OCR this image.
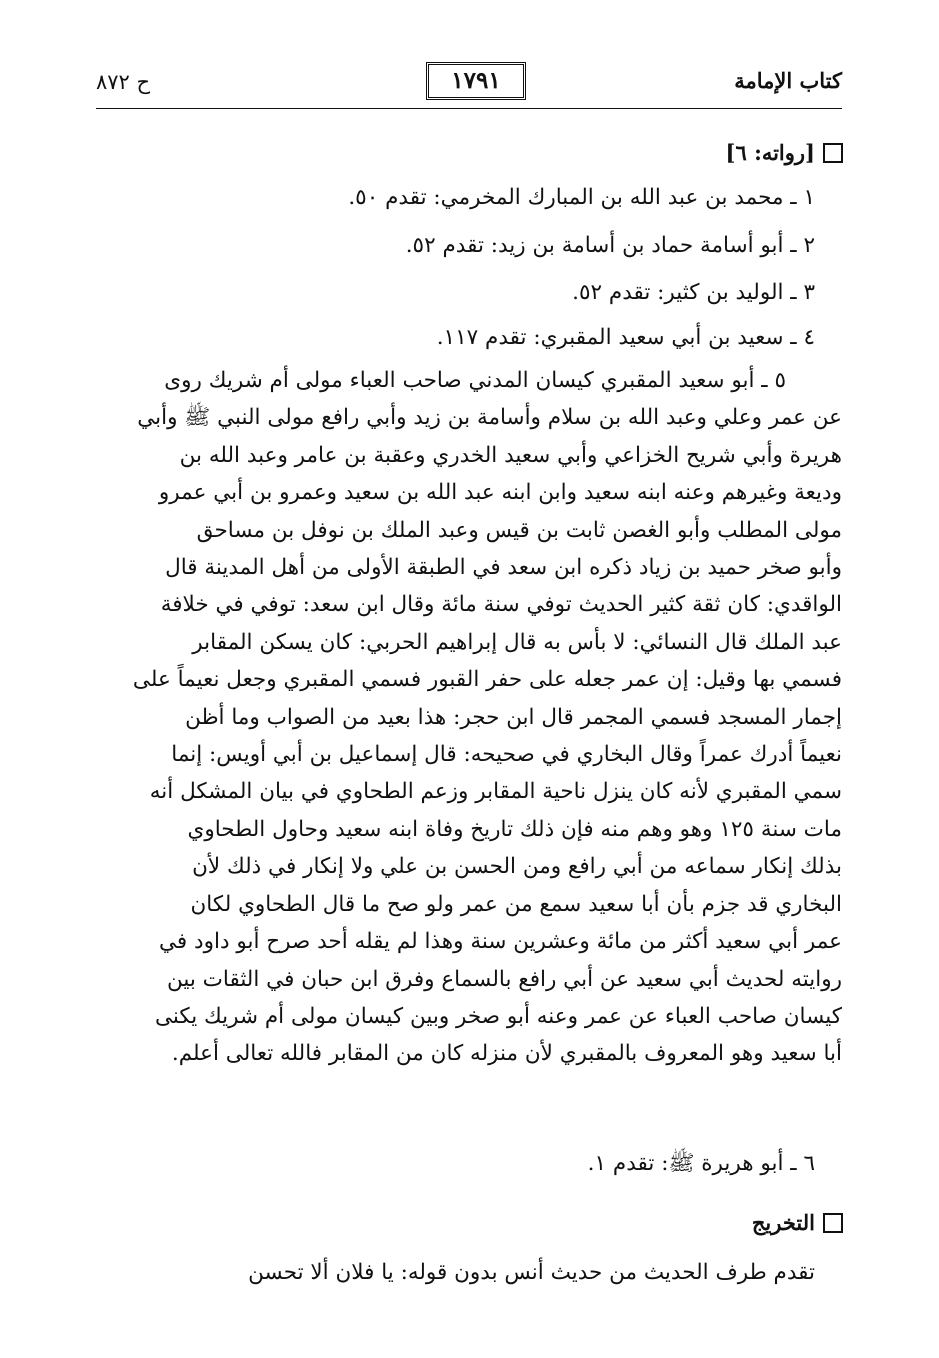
كتاب الإمامة
١٧٩١
ح ٨٧٢
[رواته: ٦]
١ ـ محمد بن عبد الله بن المبارك المخرمي: تقدم ٥٠.
٢ ـ أبو أسامة حماد بن أسامة بن زيد: تقدم ٥٢.
٣ ـ الوليد بن كثير: تقدم ٥٢.
٤ ـ سعيد بن أبي سعيد المقبري: تقدم ١١٧.
٥ ـ أبو سعيد المقبري كيسان المدني صاحب العباء مولى أم شريك روى
عن عمر وعلي وعبد الله بن سلام وأسامة بن زيد وأبي رافع مولى النبي ﷺ وأبي
هريرة وأبي شريح الخزاعي وأبي سعيد الخدري وعقبة بن عامر وعبد الله بن
وديعة وغيرهم وعنه ابنه سعيد وابن ابنه عبد الله بن سعيد وعمرو بن أبي عمرو
مولى المطلب وأبو الغصن ثابت بن قيس وعبد الملك بن نوفل بن مساحق
وأبو صخر حميد بن زياد ذكره ابن سعد في الطبقة الأولى من أهل المدينة قال
الواقدي: كان ثقة كثير الحديث توفي سنة مائة وقال ابن سعد: توفي في خلافة
عبد الملك قال النسائي: لا بأس به قال إبراهيم الحربي: كان يسكن المقابر
فسمي بها وقيل: إن عمر جعله على حفر القبور فسمي المقبري وجعل نعيماً على
إجمار المسجد فسمي المجمر قال ابن حجر: هذا بعيد من الصواب وما أظن
نعيماً أدرك عمراً وقال البخاري في صحيحه: قال إسماعيل بن أبي أويس: إنما
سمي المقبري لأنه كان ينزل ناحية المقابر وزعم الطحاوي في بيان المشكل أنه
مات سنة ١٢٥ وهو وهم منه فإن ذلك تاريخ وفاة ابنه سعيد وحاول الطحاوي
بذلك إنكار سماعه من أبي رافع ومن الحسن بن علي ولا إنكار في ذلك لأن
البخاري قد جزم بأن أبا سعيد سمع من عمر ولو صح ما قال الطحاوي لكان
عمر أبي سعيد أكثر من مائة وعشرين سنة وهذا لم يقله أحد صرح أبو داود في
روايته لحديث أبي سعيد عن أبي رافع بالسماع وفرق ابن حبان في الثقات بين
كيسان صاحب العباء عن عمر وعنه أبو صخر وبين كيسان مولى أم شريك يكنى
أبا سعيد وهو المعروف بالمقبري لأن منزله كان من المقابر فالله تعالى أعلم.
٦ ـ أبو هريرة ﷺ: تقدم ١.
التخريج
تقدم طرف الحديث من حديث أنس بدون قوله: يا فلان ألا تحسن
